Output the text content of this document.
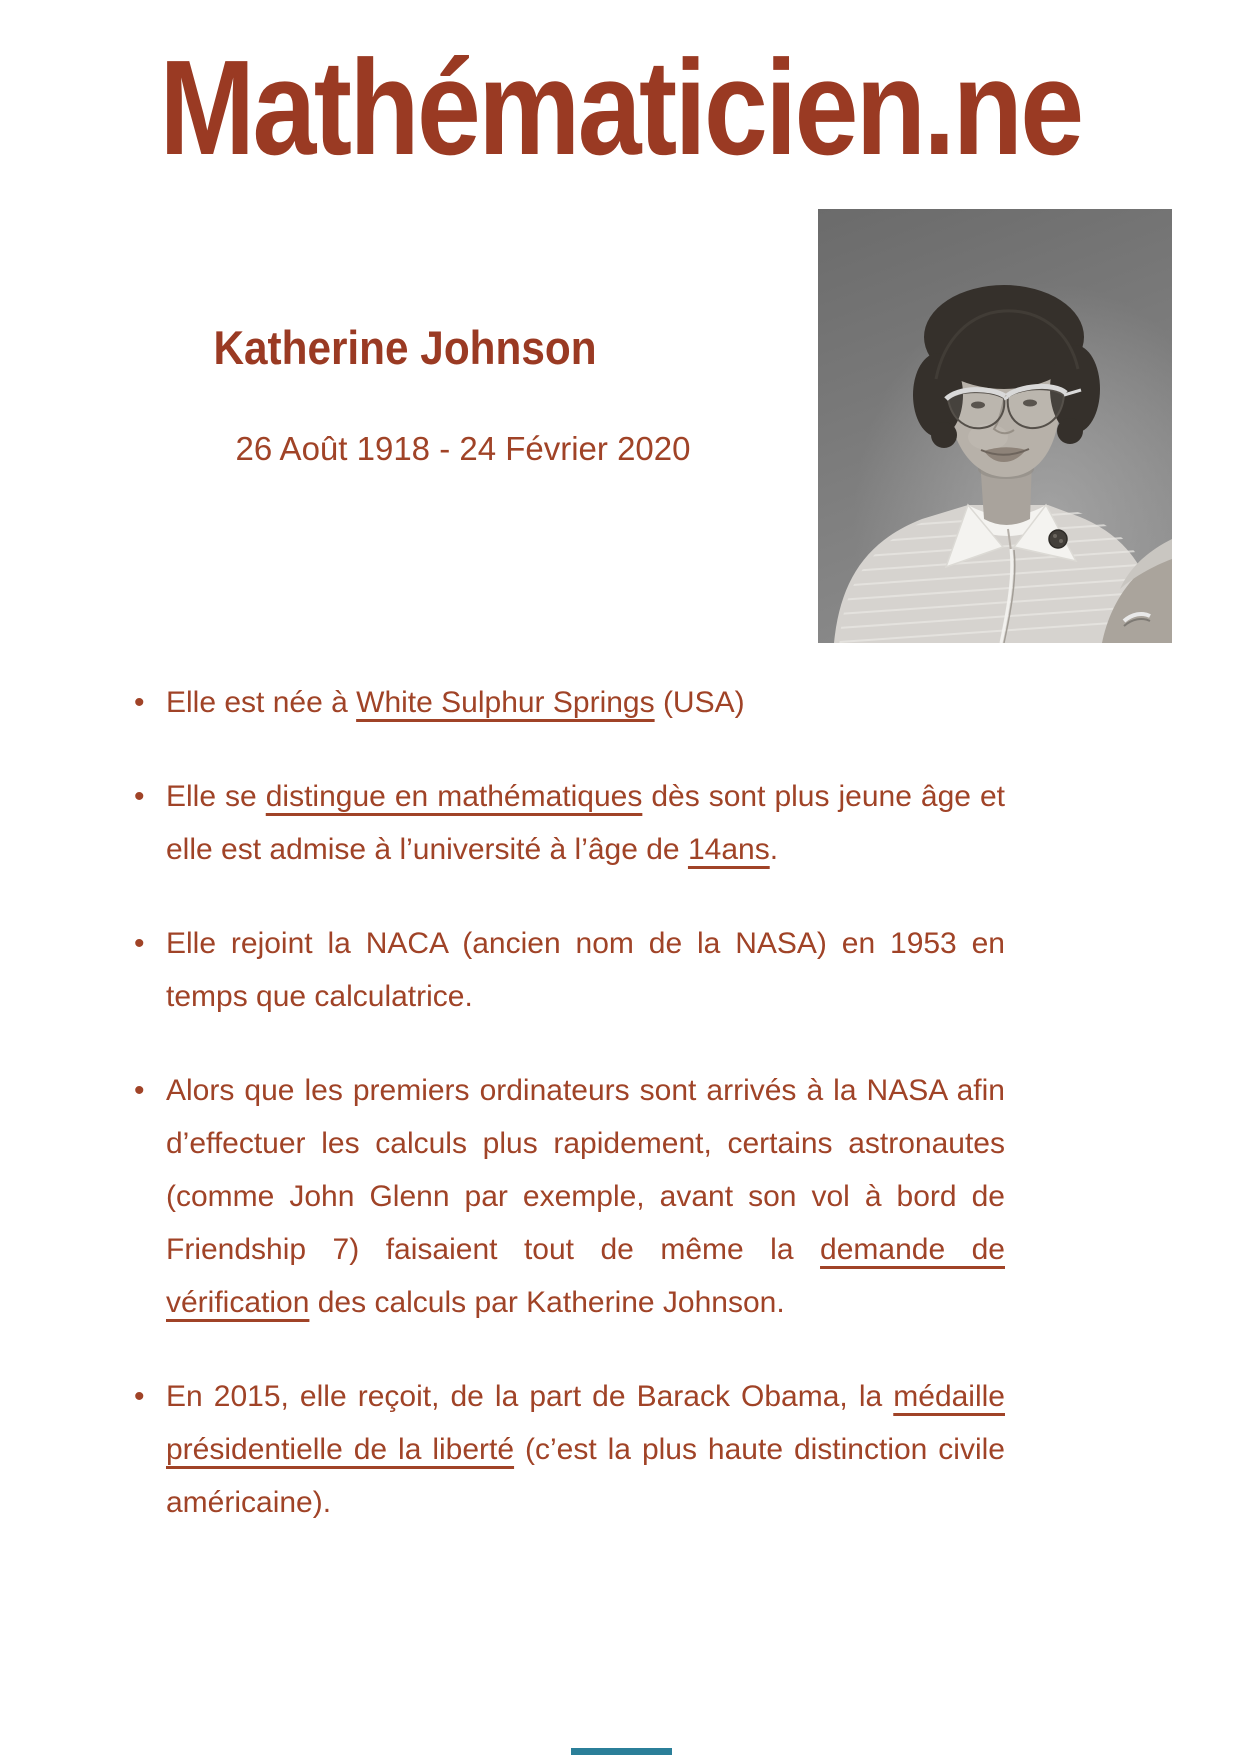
Mathématicien.ne
Katherine Johnson
26 Août 1918 - 24 Février 2020
• Elle est née à White Sulphur Springs (USA)
• Elle se distingue en mathématiques dès sont plus jeune âge et elle est admise à l’université à l’âge de 14ans.
• Elle rejoint la NACA (ancien nom de la NASA) en 1953 en temps que calculatrice.
• Alors que les premiers ordinateurs sont arrivés à la NASA afin d’effectuer les calculs plus rapidement, certains astronautes (comme John Glenn par exemple, avant son vol à bord de Friendship 7) faisaient tout de même la demande de vérification des calculs par Katherine Johnson.
• En 2015, elle reçoit, de la part de Barack Obama, la médaille présidentielle de la liberté (c’est la plus haute distinction civile américaine).
